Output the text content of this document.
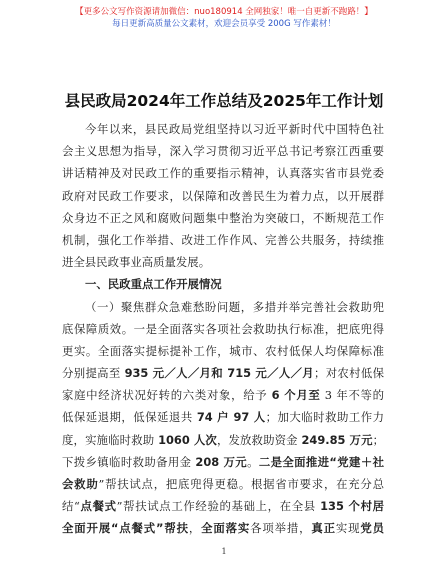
【更多公文写作资源请加微信：nuo180914 全网独家！唯一自更新不跑路！】
每日更新高质量公文素材，欢迎会员享受 200G 写作素材！
县民政局2024年工作总结及2025年工作计划
今年以来，县民政局党组坚持以习近平新时代中国特色社
会主义思想为指导，深入学习贯彻习近平总书记考察江西重要
讲话精神及对民政工作的重要指示精神，认真落实省市县党委
政府对民政工作要求，以保障和改善民生为着力点，以开展群
众身边不正之风和腐败问题集中整治为突破口，不断规范工作
机制，强化工作举措、改进工作作风、完善公共服务，持续推
进全县民政事业高质量发展。
一、民政重点工作开展情况
（一）聚焦群众急难愁盼问题，多措并举完善社会救助兜
底保障质效。一是全面落实各项社会救助执行标准，把底兜得
更实。全面落实提标提补工作，城市、农村低保人均保障标准
分别提高至 935 元／人／月和 715 元／人／月；对农村低保
家庭中经济状况好转的六类对象，给予 6 个月至 3 年不等的
低保延退期，低保延退共 74 户 97 人；加大临时救助工作力
度，实施临时救助 1060 人次，发放救助资金 249.85 万元；
下拨乡镇临时救助备用金 208 万元。二是全面推进“党建＋社
会救助”帮扶试点，把底兜得更稳。根据省市要求，在充分总
结“点餐式”帮扶试点工作经验的基础上，在全县 135 个村居
全面开展“点餐式”帮扶，全面落实各项举措，真正实现党员
1
